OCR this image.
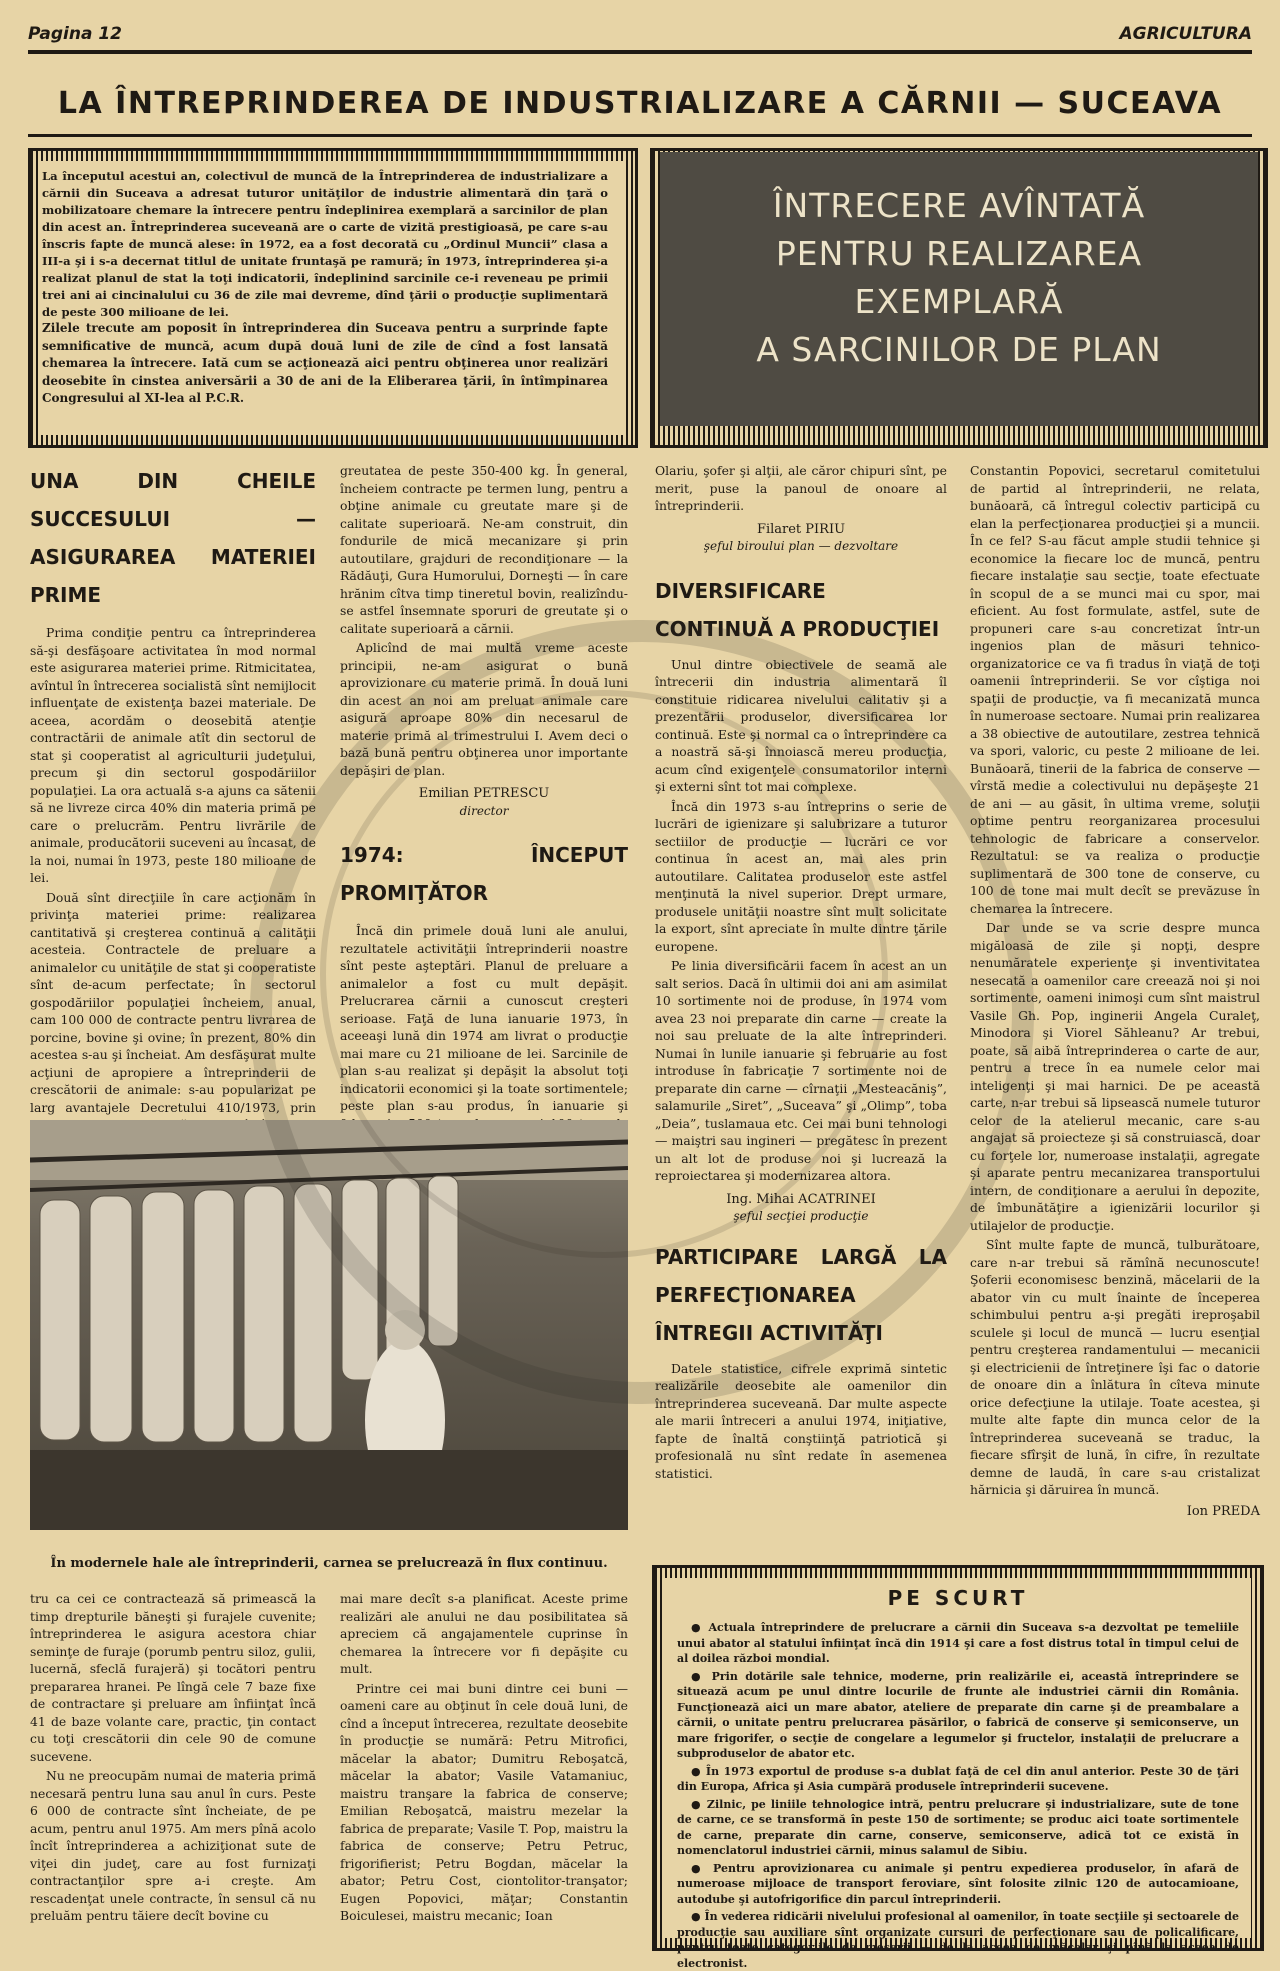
Pagina 12	AGRICULTURA
LA ÎNTREPRINDEREA DE INDUSTRIALIZARE A CĂRNII — SUCEAVA

La începutul acestui an, colectivul de muncă de la Întreprinderea de industrializare a cărnii din Suceava a adresat tuturor unităţilor de industrie alimentară din ţară o mobilizatoare chemare la întrecere pentru îndeplinirea exemplară a sarcinilor de plan din acest an. Întreprinderea suceveană are o carte de vizită prestigioasă, pe care s-au înscris fapte de muncă alese: în 1972, ea a fost decorată cu „Ordinul Muncii” clasa a III-a şi i s-a decernat titlul de unitate fruntaşă pe ramură; în 1973, întreprinderea şi-a realizat planul de stat la toţi indicatorii, îndeplinind sarcinile ce-i reveneau pe primii trei ani ai cincinalului cu 36 de zile mai devreme, dînd ţării o producţie suplimentară de peste 300 milioane de lei.

Zilele trecute am poposit în întreprinderea din Suceava pentru a surprinde fapte semnificative de muncă, acum după două luni de zile de cînd a fost lansată chemarea la întrecere. Iată cum se acţionează aici pentru obţinerea unor realizări deosebite în cinstea aniversării a 30 de ani de la Eliberarea ţării, în întîmpinarea Congresului al XI-lea al P.C.R.

ÎNTRECERE AVÎNTATĂ
PENTRU REALIZAREA
EXEMPLARĂ
A SARCINILOR DE PLAN
UNA DIN CHEILE SUCCESULUI — ASIGURAREA MATERIEI PRIME

Prima condiţie pentru ca întreprinderea să-şi desfăşoare activitatea în mod normal este asigurarea materiei prime. Ritmicitatea, avîntul în întrecerea socialistă sînt nemijlocit influenţate de existenţa bazei materiale. De aceea, acordăm o deosebită atenţie contractării de animale atît din sectorul de stat şi cooperatist al agriculturii judeţului, precum şi din sectorul gospodăriilor populaţiei. La ora actuală s-a ajuns ca sătenii să ne livreze circa 40% din materia primă pe care o prelucrăm. Pentru livrările de animale, producătorii suceveni au încasat, de la noi, numai în 1973, peste 180 milioane de lei.

Două sînt direcţiile în care acţionăm în privinţa materiei prime: realizarea cantitativă şi creşterea continuă a calităţii acesteia. Contractele de preluare a animalelor cu unităţile de stat şi cooperatiste sînt de-acum perfectate; în sectorul gospodăriilor populaţiei încheiem, anual, cam 100 000 de contracte pentru livrarea de porcine, bovine şi ovine; în prezent, 80% din acestea s-au şi încheiat. Am desfăşurat multe acţiuni de apropiere a întreprinderii de crescătorii de animale: s-au popularizat pe larg avantajele Decretului 410/1973, prin

greutatea de peste 350-400 kg. În general, încheiem contracte pe termen lung, pentru a obţine animale cu greutate mare şi de calitate superioară. Ne-am construit, din fondurile de mică mecanizare şi prin autoutilare, grajduri de recondiţionare — la Rădăuţi, Gura Humorului, Dorneşti — în care hrănim cîtva timp tineretul bovin, realizîndu-se astfel însemnate sporuri de greutate şi o calitate superioară a cărnii.

Aplicînd de mai multă vreme aceste principii, ne-am asigurat o bună aprovizionare cu materie primă. În două luni din acest an noi am preluat animale care asigură aproape 80% din necesarul de materie primă al trimestrului I. Avem deci o bază bună pentru obţinerea unor importante depăşiri de plan.

Emilian PETRESCU
director
1974: ÎNCEPUT PROMIŢĂTOR

Încă din primele două luni ale anului, rezultatele activităţii întreprinderii noastre sînt peste aşteptări. Planul de preluare a animalelor a fost cu mult depăşit. Prelucrarea cărnii a cunoscut creşteri serioase. Faţă de luna ianuarie 1973, în aceeaşi lună din 1974 am livrat o producţie mai mare cu 21 milioane de lei. Sarcinile de plan s-au realizat şi depăşit la absolut toţi indicatorii economici şi la toate sortimentele; peste plan s-au produs, în ianuarie şi

Olariu, şofer şi alţii, ale căror chipuri sînt, pe merit, puse la panoul de onoare al întreprinderii.

Filaret PIRIU
şeful biroului plan — dezvoltare
DIVERSIFICARE CONTINUĂ A PRODUCŢIEI

Unul dintre obiectivele de seamă ale întrecerii din industria alimentară îl constituie ridicarea nivelului calitativ şi a prezentării produselor, diversificarea lor continuă. Este şi normal ca o întreprindere ca a noastră să-şi înnoiască mereu producţia, acum cînd exigenţele consumatorilor interni şi externi sînt tot mai complexe.

Încă din 1973 s-au întreprins o serie de lucrări de igienizare şi salubrizare a tuturor sectiilor de producţie — lucrări ce vor continua în acest an, mai ales prin autoutilare. Calitatea produselor este astfel menţinută la nivel superior. Drept urmare, produsele unităţii noastre sînt mult solicitate la export, sînt apreciate în multe dintre ţările europene.

Pe linia diversificării facem în acest an un salt serios. Dacă în ultimii doi ani am asimilat 10 sortimente noi de produse, în 1974 vom avea 23 noi preparate din carne — create la noi sau preluate de la alte întreprinderi. Numai în lunile ianuarie şi februarie au fost introduse în fabricaţie 7 sortimente noi de preparate din carne — cîrnaţii „Mesteacăniş”, salamurile „Siret”, „Suceava” şi „Olimp”, toba „Deia”, tuslamaua etc. Cei mai buni tehnologi — maiştri sau ingineri — pregătesc în prezent un alt lot de produse noi şi lucrează la reproiectarea şi modernizarea altora.

Ing. Mihai ACATRINEI
şeful secţiei producţie
PARTICIPARE LARGĂ LA PERFECŢIONAREA ÎNTREGII ACTIVITĂŢI

Datele statistice, cifrele exprimă sintetic realizările deosebite ale oamenilor din întreprinderea suceveană. Dar multe aspecte ale marii întreceri a anului 1974, iniţiative, fapte de înaltă conştiinţă patriotică şi profesională nu sînt redate în asemenea statistici.

Constantin Popovici, secretarul comitetului de partid al întreprinderii, ne relata, bunăoară, că întregul colectiv participă cu elan la perfecţionarea producţiei şi a muncii. În ce fel? S-au făcut ample studii tehnice şi economice la fiecare loc de muncă, pentru fiecare instalaţie sau secţie, toate efectuate în scopul de a se munci mai cu spor, mai eficient. Au fost formulate, astfel, sute de propuneri care s-au concretizat într-un ingenios plan de măsuri tehnico-organizatorice ce va fi tradus în viaţă de toţi oamenii întreprinderii. Se vor cîştiga noi spaţii de producţie, va fi mecanizată munca în numeroase sectoare. Numai prin realizarea a 38 obiective de autoutilare, zestrea tehnică va spori, valoric, cu peste 2 milioane de lei. Bunăoară, tinerii de la fabrica de conserve — vîrstă medie a colectivului nu depăşeşte 21 de ani — au găsit, în ultima vreme, soluţii optime pentru reorganizarea procesului tehnologic de fabricare a conservelor. Rezultatul: se va realiza o producţie suplimentară de 300 tone de conserve, cu 100 de tone mai mult decît se prevăzuse în chemarea la întrecere.

Dar unde se va scrie despre munca migăloasă de zile şi nopţi, despre nenumăratele experienţe şi inventivitatea nesecată a oamenilor care creează noi şi noi sortimente, oameni inimoşi cum sînt maistrul Vasile Gh. Pop, inginerii Angela Curaleţ, Minodora şi Viorel Săhleanu? Ar trebui, poate, să aibă întreprinderea o carte de aur, pentru a trece în ea numele celor mai inteligenţi şi mai harnici. De pe această carte, n-ar trebui să lipsească numele tuturor celor de la atelierul mecanic, care s-au angajat să proiecteze şi să construiască, doar cu forţele lor, numeroase instalaţii, agregate şi aparate pentru mecanizarea transportului intern, de condiţionare a aerului în depozite, de îmbunătăţire a igienizării locurilor şi utilajelor de producţie.

Sînt multe fapte de muncă, tulburătoare, care n-ar trebui să rămînă necunoscute! Şoferii economisesc benzină, măcelarii de la abator vin cu mult înainte de începerea schimbului pentru a-şi pregăti ireproşabil sculele şi locul de muncă — lucru esenţial pentru creşterea randamentului — mecanicii şi electricienii de întreţinere îşi fac o datorie de onoare din a înlătura în cîteva minute orice defecţiune la utilaje. Toate acestea, şi multe alte fapte din munca celor de la întreprinderea suceveană se traduc, la fiecare sfîrşit de lună, în cifre, în rezultate demne de laudă, în care s-au cristalizat hărnicia şi dăruirea în muncă.

Ion PREDA
În modernele hale ale întreprinderii, carnea se prelucrează în flux continuu.

tru ca cei ce contractează să primească la timp drepturile băneşti şi furajele cuvenite; întreprinderea le asigura acestora chiar seminţe de furaje (porumb pentru siloz, gulii, lucernă, sfeclă furajeră) şi tocători pentru prepararea hranei. Pe lîngă cele 7 baze fixe de contractare şi preluare am înfiinţat încă 41 de baze volante care, practic, ţin contact cu toţi crescătorii din cele 90 de comune sucevene.

Nu ne preocupăm numai de materia primă necesară pentru luna sau anul în curs. Peste 6 000 de contracte sînt încheiate, de pe acum, pentru anul 1975. Am mers pînă acolo încît întreprinderea a achiziţionat sute de viţei din judeţ, care au fost furnizaţi contractanţilor spre a-i creşte. Am rescadenţat unele contracte, în sensul că nu preluăm pentru tăiere decît bovine cu

mai mare decît s-a planificat. Aceste prime realizări ale anului ne dau posibilitatea să apreciem că angajamentele cuprinse în chemarea la întrecere vor fi depăşite cu mult.

Printre cei mai buni dintre cei buni — oameni care au obţinut în cele două luni, de cînd a început întrecerea, rezultate deosebite în producţie se numără: Petru Mitrofici, măcelar la abator; Dumitru Reboşatcă, măcelar la abator; Vasile Vatamaniuc, maistru tranşare la fabrica de conserve; Emilian Reboşatcă, maistru mezelar la fabrica de preparate; Vasile T. Pop, maistru la fabrica de conserve; Petru Petruc, frigorifierist; Petru Bogdan, măcelar la abator; Petru Cost, ciontolitor-tranşator; Eugen Popovici, măţar; Constantin Boiculesei, maistru mecanic; Ioan

PE SCURT
● Actuala întreprindere de prelucrare a cărnii din Suceava s-a dezvoltat pe temeliile unui abator al statului înfiinţat încă din 1914 şi care a fost distrus total în timpul celui de al doilea război mondial.
● Prin dotările sale tehnice, moderne, prin realizările ei, această întreprindere se situează acum pe unul dintre locurile de frunte ale industriei cărnii din România. Funcţionează aici un mare abator, ateliere de preparate din carne şi de preambalare a cărnii, o unitate pentru prelucrarea păsărilor, o fabrică de conserve şi semiconserve, un mare frigorifer, o secţie de congelare a legumelor şi fructelor, instalaţii de prelucrare a subproduselor de abator etc.
● În 1973 exportul de produse s-a dublat faţă de cel din anul anterior. Peste 30 de ţări din Europa, Africa şi Asia cumpără produsele întreprinderii sucevene.
● Zilnic, pe liniile tehnologice intră, pentru prelucrare şi industrializare, sute de tone de carne, ce se transformă în peste 150 de sortimente; se produc aici toate sortimentele de carne, preparate din carne, conserve, semiconserve, adică tot ce există în nomenclatorul industriei cărnii, minus salamul de Sibiu.
● Pentru aprovizionarea cu animale şi pentru expedierea produselor, în afară de numeroase mijloace de transport feroviare, sînt folosite zilnic 120 de autocamioane, autodube şi autofrigorifice din parcul întreprinderii.
● În vederea ridicării nivelului profesional al oamenilor, în toate secţiile şi sectoarele de producţie sau auxiliare sînt organizate cursuri de perfecţionare sau de policalificare, pentru toate categoriile de meserii — de la aceea de măcelar şi pînă la aceea de electronist.
